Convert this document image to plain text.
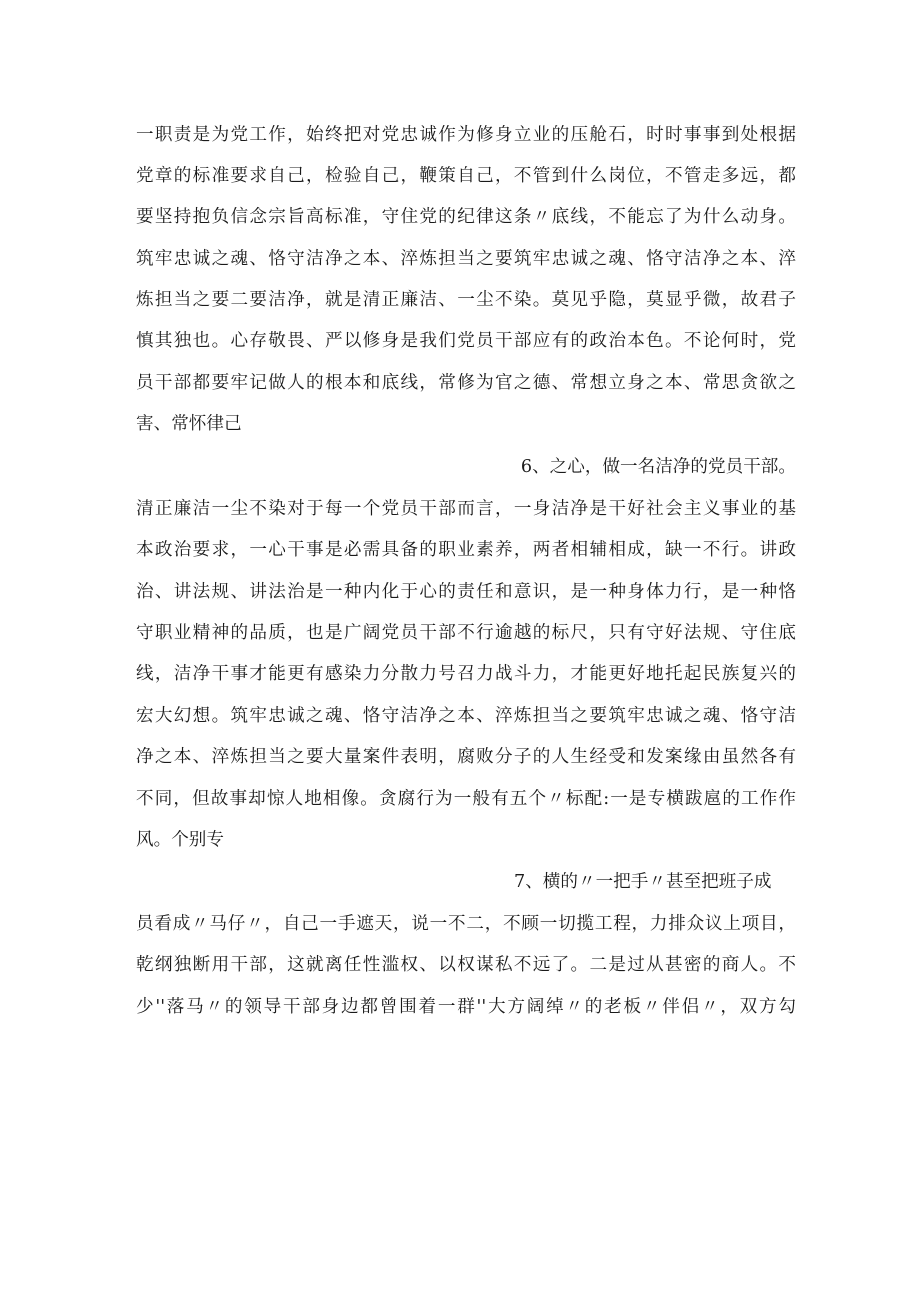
一职责是为党工作，始终把对党忠诚作为修身立业的压舱石，时时事事到处根据
党章的标准要求自己，检验自己，鞭策自己，不管到什么岗位，不管走多远，都
要坚持抱负信念宗旨高标准，守住党的纪律这条〃底线，不能忘了为什么动身。
筑牢忠诚之魂、恪守洁净之本、淬炼担当之要筑牢忠诚之魂、恪守洁净之本、淬
炼担当之要二要洁净，就是清正廉洁、一尘不染。莫见乎隐，莫显乎微，故君子
慎其独也。心存敬畏、严以修身是我们党员干部应有的政治本色。不论何时，党
员干部都要牢记做人的根本和底线，常修为官之德、常想立身之本、常思贪欲之
害、常怀律己
6、之心，做一名洁净的党员干部。
清正廉洁一尘不染对于每一个党员干部而言，一身洁净是干好社会主义事业的基
本政治要求，一心干事是必需具备的职业素养，两者相辅相成，缺一不行。讲政
治、讲法规、讲法治是一种内化于心的责任和意识，是一种身体力行，是一种恪
守职业精神的品质，也是广阔党员干部不行逾越的标尺，只有守好法规、守住底
线，洁净干事才能更有感染力分散力号召力战斗力，才能更好地托起民族复兴的
宏大幻想。筑牢忠诚之魂、恪守洁净之本、淬炼担当之要筑牢忠诚之魂、恪守洁
净之本、淬炼担当之要大量案件表明，腐败分子的人生经受和发案缘由虽然各有
不同，但故事却惊人地相像。贪腐行为一般有五个〃标配:一是专横跋扈的工作作
风。个别专
7、横的〃一把手〃甚至把班子成
员看成〃马仔〃，自己一手遮天，说一不二，不顾一切揽工程，力排众议上项目，
乾纲独断用干部，这就离任性滥权、以权谋私不远了。二是过从甚密的商人。不
少''落马〃的领导干部身边都曾围着一群''大方阔绰〃的老板〃伴侣〃，双方勾
